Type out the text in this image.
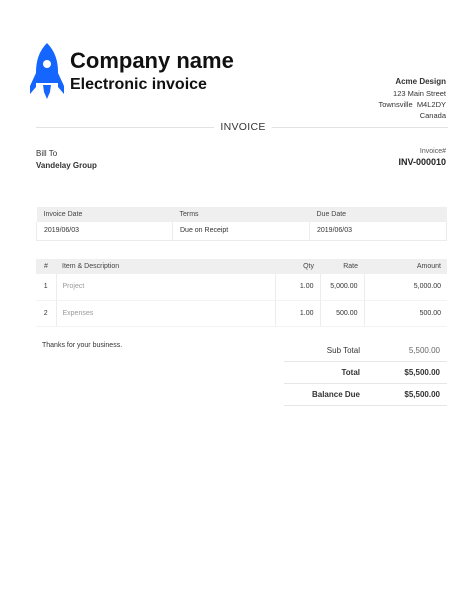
Company name
Electronic invoice	Acme Design
123 Main Street
Townsville  M4L2DY
Canada
INVOICE
Bill To
Vandelay Group
Invoice#
INV-000010
Invoice Date	Terms	Due Date
2019/06/03	Due on Receipt	2019/06/03
#	Item & Description	Qty	Rate	Amount
1	Project	1.00	5,000.00	5,000.00
2	Expenses	1.00	500.00	500.00
Thanks for your business.
Sub Total	5,500.00
Total	$5,500.00
Balance Due	$5,500.00
